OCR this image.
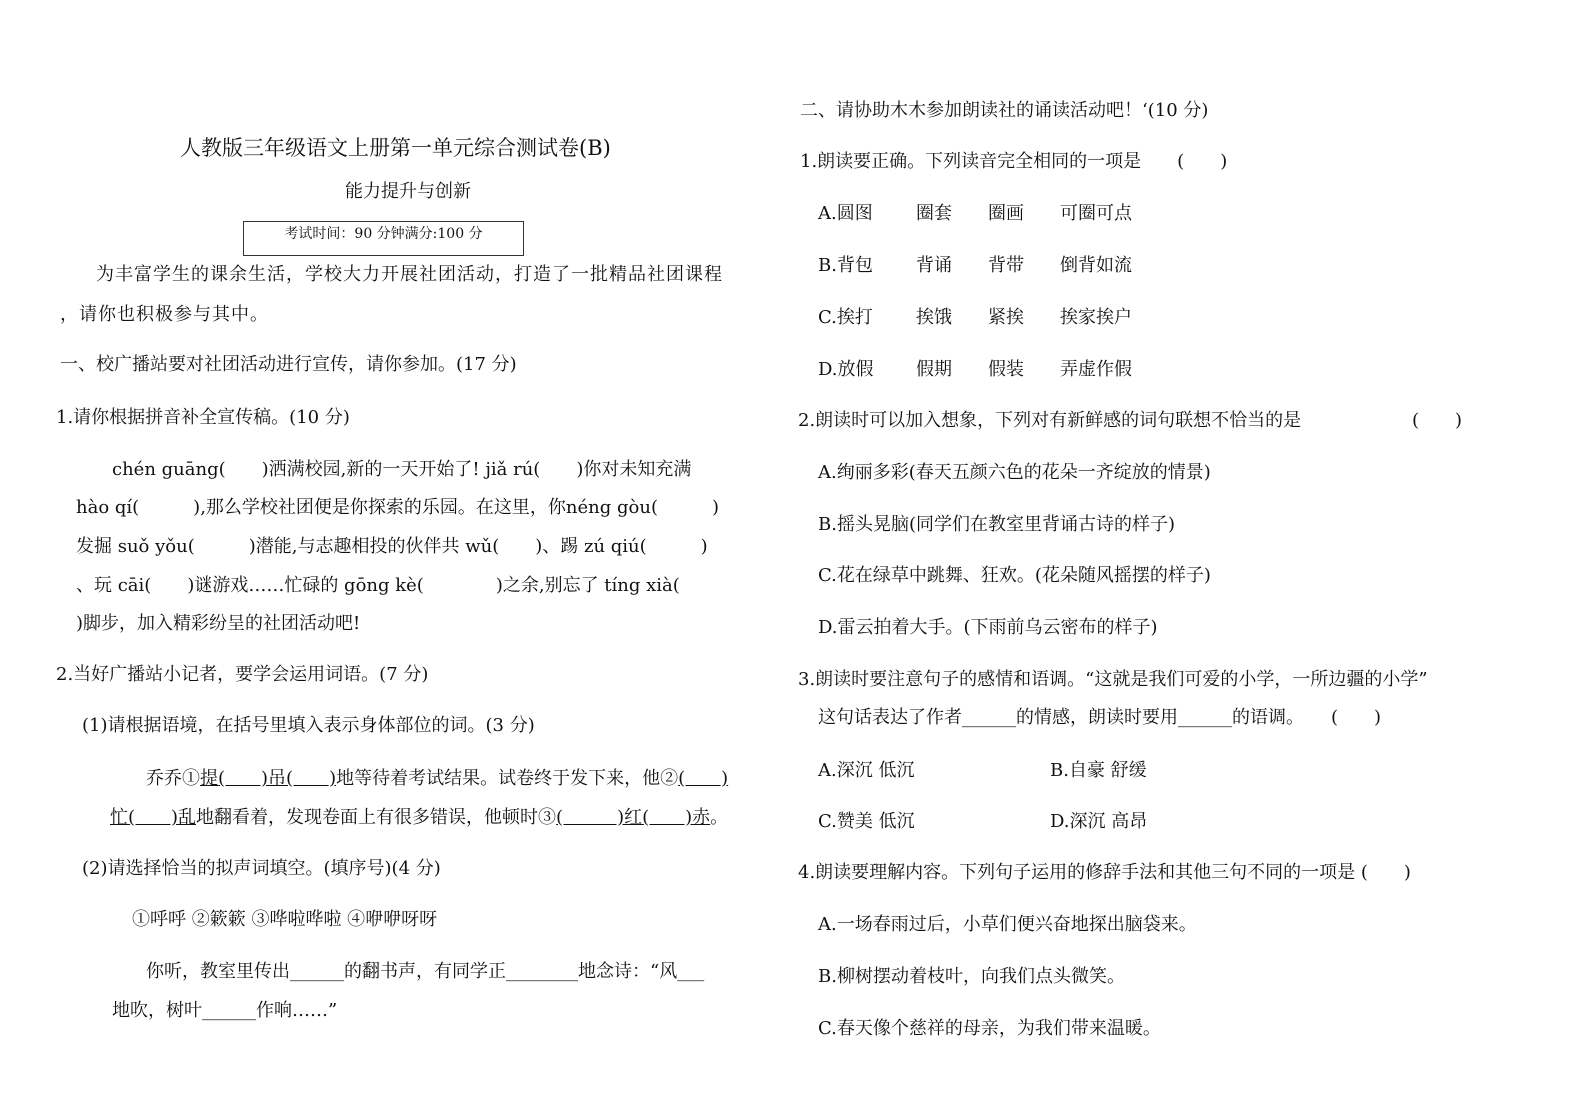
人教版三年级语文上册第一单元综合测试卷(B)
能力提升与创新
考试时间：90 分钟满分:100 分
为丰富学生的课余生活，学校大力开展社团活动，打造了一批精品社团课程
，请你也积极参与其中。
一、校广播站要对社团活动进行宣传，请你参加。(17 分)
1.请你根据拼音补全宣传稿。(10 分)
chén guāng(　　)洒满校园,新的一天开始了! jiǎ rú(　　)你对未知充满
hào qí(　　　),那么学校社团便是你探索的乐园。在这里，你néng gòu(　　　)
发掘 suǒ yǒu(　　　)潜能,与志趣相投的伙伴共 wǔ(　　)、踢 zú qiú(　　　)
、玩 cāi(　　)谜游戏……忙碌的 gōng kè(　　　　)之余,别忘了 tíng xià(
)脚步，加入精彩纷呈的社团活动吧!
2.当好广播站小记者，要学会运用词语。(7 分)
(1)请根据语境，在括号里填入表示身体部位的词。(3 分)
乔乔①提(　　)吊(　　)地等待着考试结果。试卷终于发下来，他②(　　)
忙(　　)乱地翻看着，发现卷面上有很多错误，他顿时③(　　　)红(　　)赤。
(2)请选择恰当的拟声词填空。(填序号)(4 分)
①呼呼 ②簌簌 ③哗啦哗啦 ④咿咿呀呀
你听，教室里传出______的翻书声，有同学正________地念诗：“风___
地吹，树叶______作响……”
二、请协助木木参加朗读社的诵读活动吧！‘(10 分)
1.朗读要正确。下列读音完全相同的一项是　　(　　)
A.圆图 圈套 圈画 可圈可点
B.背包 背诵 背带 倒背如流
C.挨打 挨饿 紧挨 挨家挨户
D.放假 假期 假装 弄虚作假
2.朗读时可以加入想象，下列对有新鲜感的词句联想不恰当的是	(　　)
A.绚丽多彩(春天五颜六色的花朵一齐绽放的情景)
B.摇头晃脑(同学们在教室里背诵古诗的样子)
C.花在绿草中跳舞、狂欢。(花朵随风摇摆的样子)
D.雷云拍着大手。(下雨前乌云密布的样子)
3.朗读时要注意句子的感情和语调。“这就是我们可爱的小学，一所边疆的小学”
这句话表达了作者______的情感，朗读时要用______的语调。　　(　　)
A.深沉 低沉	B.自豪 舒缓
C.赞美 低沉	D.深沉 高昂
4.朗读要理解内容。下列句子运用的修辞手法和其他三句不同的一项是 (　　)
A.一场春雨过后，小草们便兴奋地探出脑袋来。
B.柳树摆动着枝叶，向我们点头微笑。
C.春天像个慈祥的母亲，为我们带来温暖。
